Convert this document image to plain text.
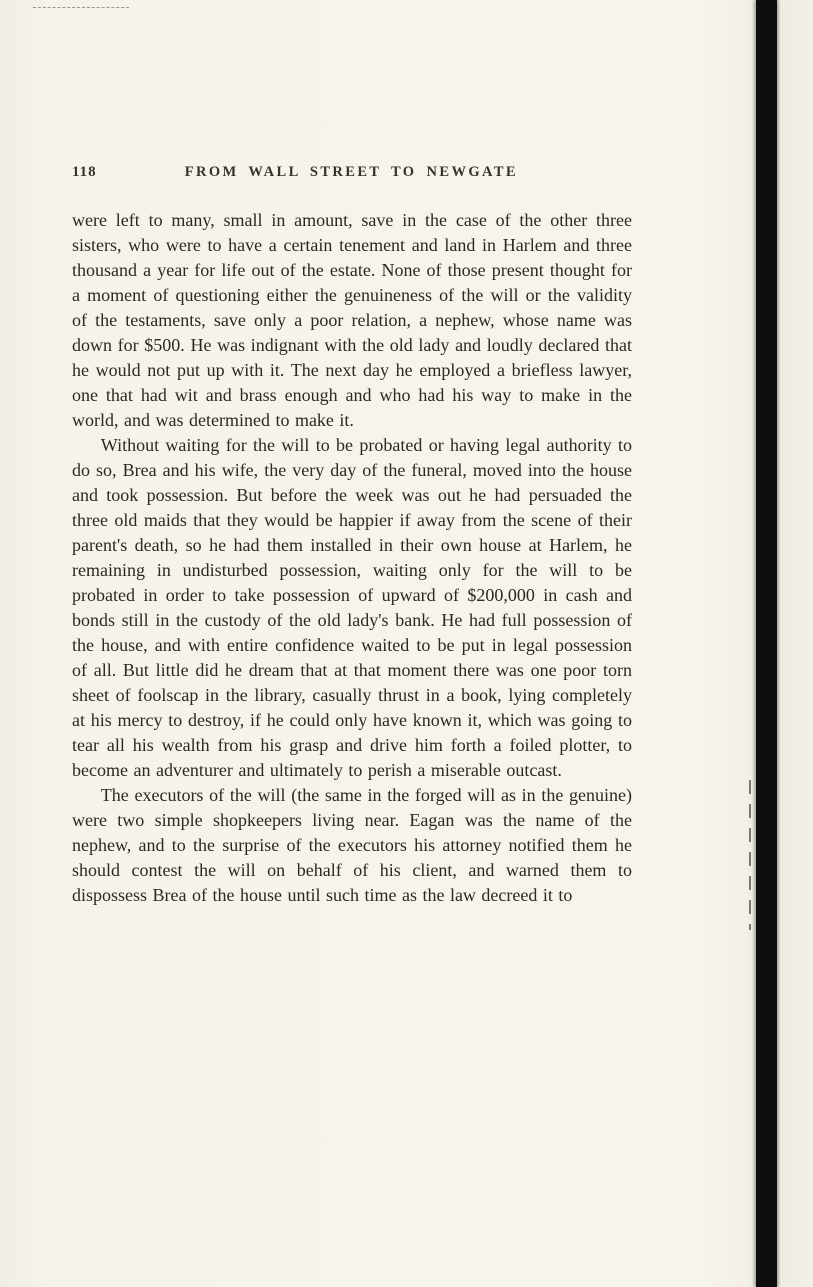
118	FROM WALL STREET TO NEWGATE

were left to many, small in amount, save in the case of the other three sisters, who were to have a certain tenement and land in Harlem and three thousand a year for life out of the estate. None of those present thought for a moment of questioning either the genuineness of the will or the validity of the testaments, save only a poor relation, a nephew, whose name was down for $500. He was indignant with the old lady and loudly declared that he would not put up with it. The next day he employed a briefless lawyer, one that had wit and brass enough and who had his way to make in the world, and was determined to make it.

Without waiting for the will to be probated or having legal authority to do so, Brea and his wife, the very day of the funeral, moved into the house and took possession. But before the week was out he had persuaded the three old maids that they would be happier if away from the scene of their parent's death, so he had them installed in their own house at Harlem, he remaining in undisturbed possession, waiting only for the will to be probated in order to take possession of upward of $200,000 in cash and bonds still in the custody of the old lady's bank. He had full possession of the house, and with entire confidence waited to be put in legal possession of all. But little did he dream that at that moment there was one poor torn sheet of foolscap in the library, casually thrust in a book, lying completely at his mercy to destroy, if he could only have known it, which was going to tear all his wealth from his grasp and drive him forth a foiled plotter, to become an adventurer and ultimately to perish a miserable outcast.

The executors of the will (the same in the forged will as in the genuine) were two simple shopkeepers living near. Eagan was the name of the nephew, and to the surprise of the executors his attorney notified them he should contest the will on behalf of his client, and warned them to dispossess Brea of the house until such time as the law decreed it to
